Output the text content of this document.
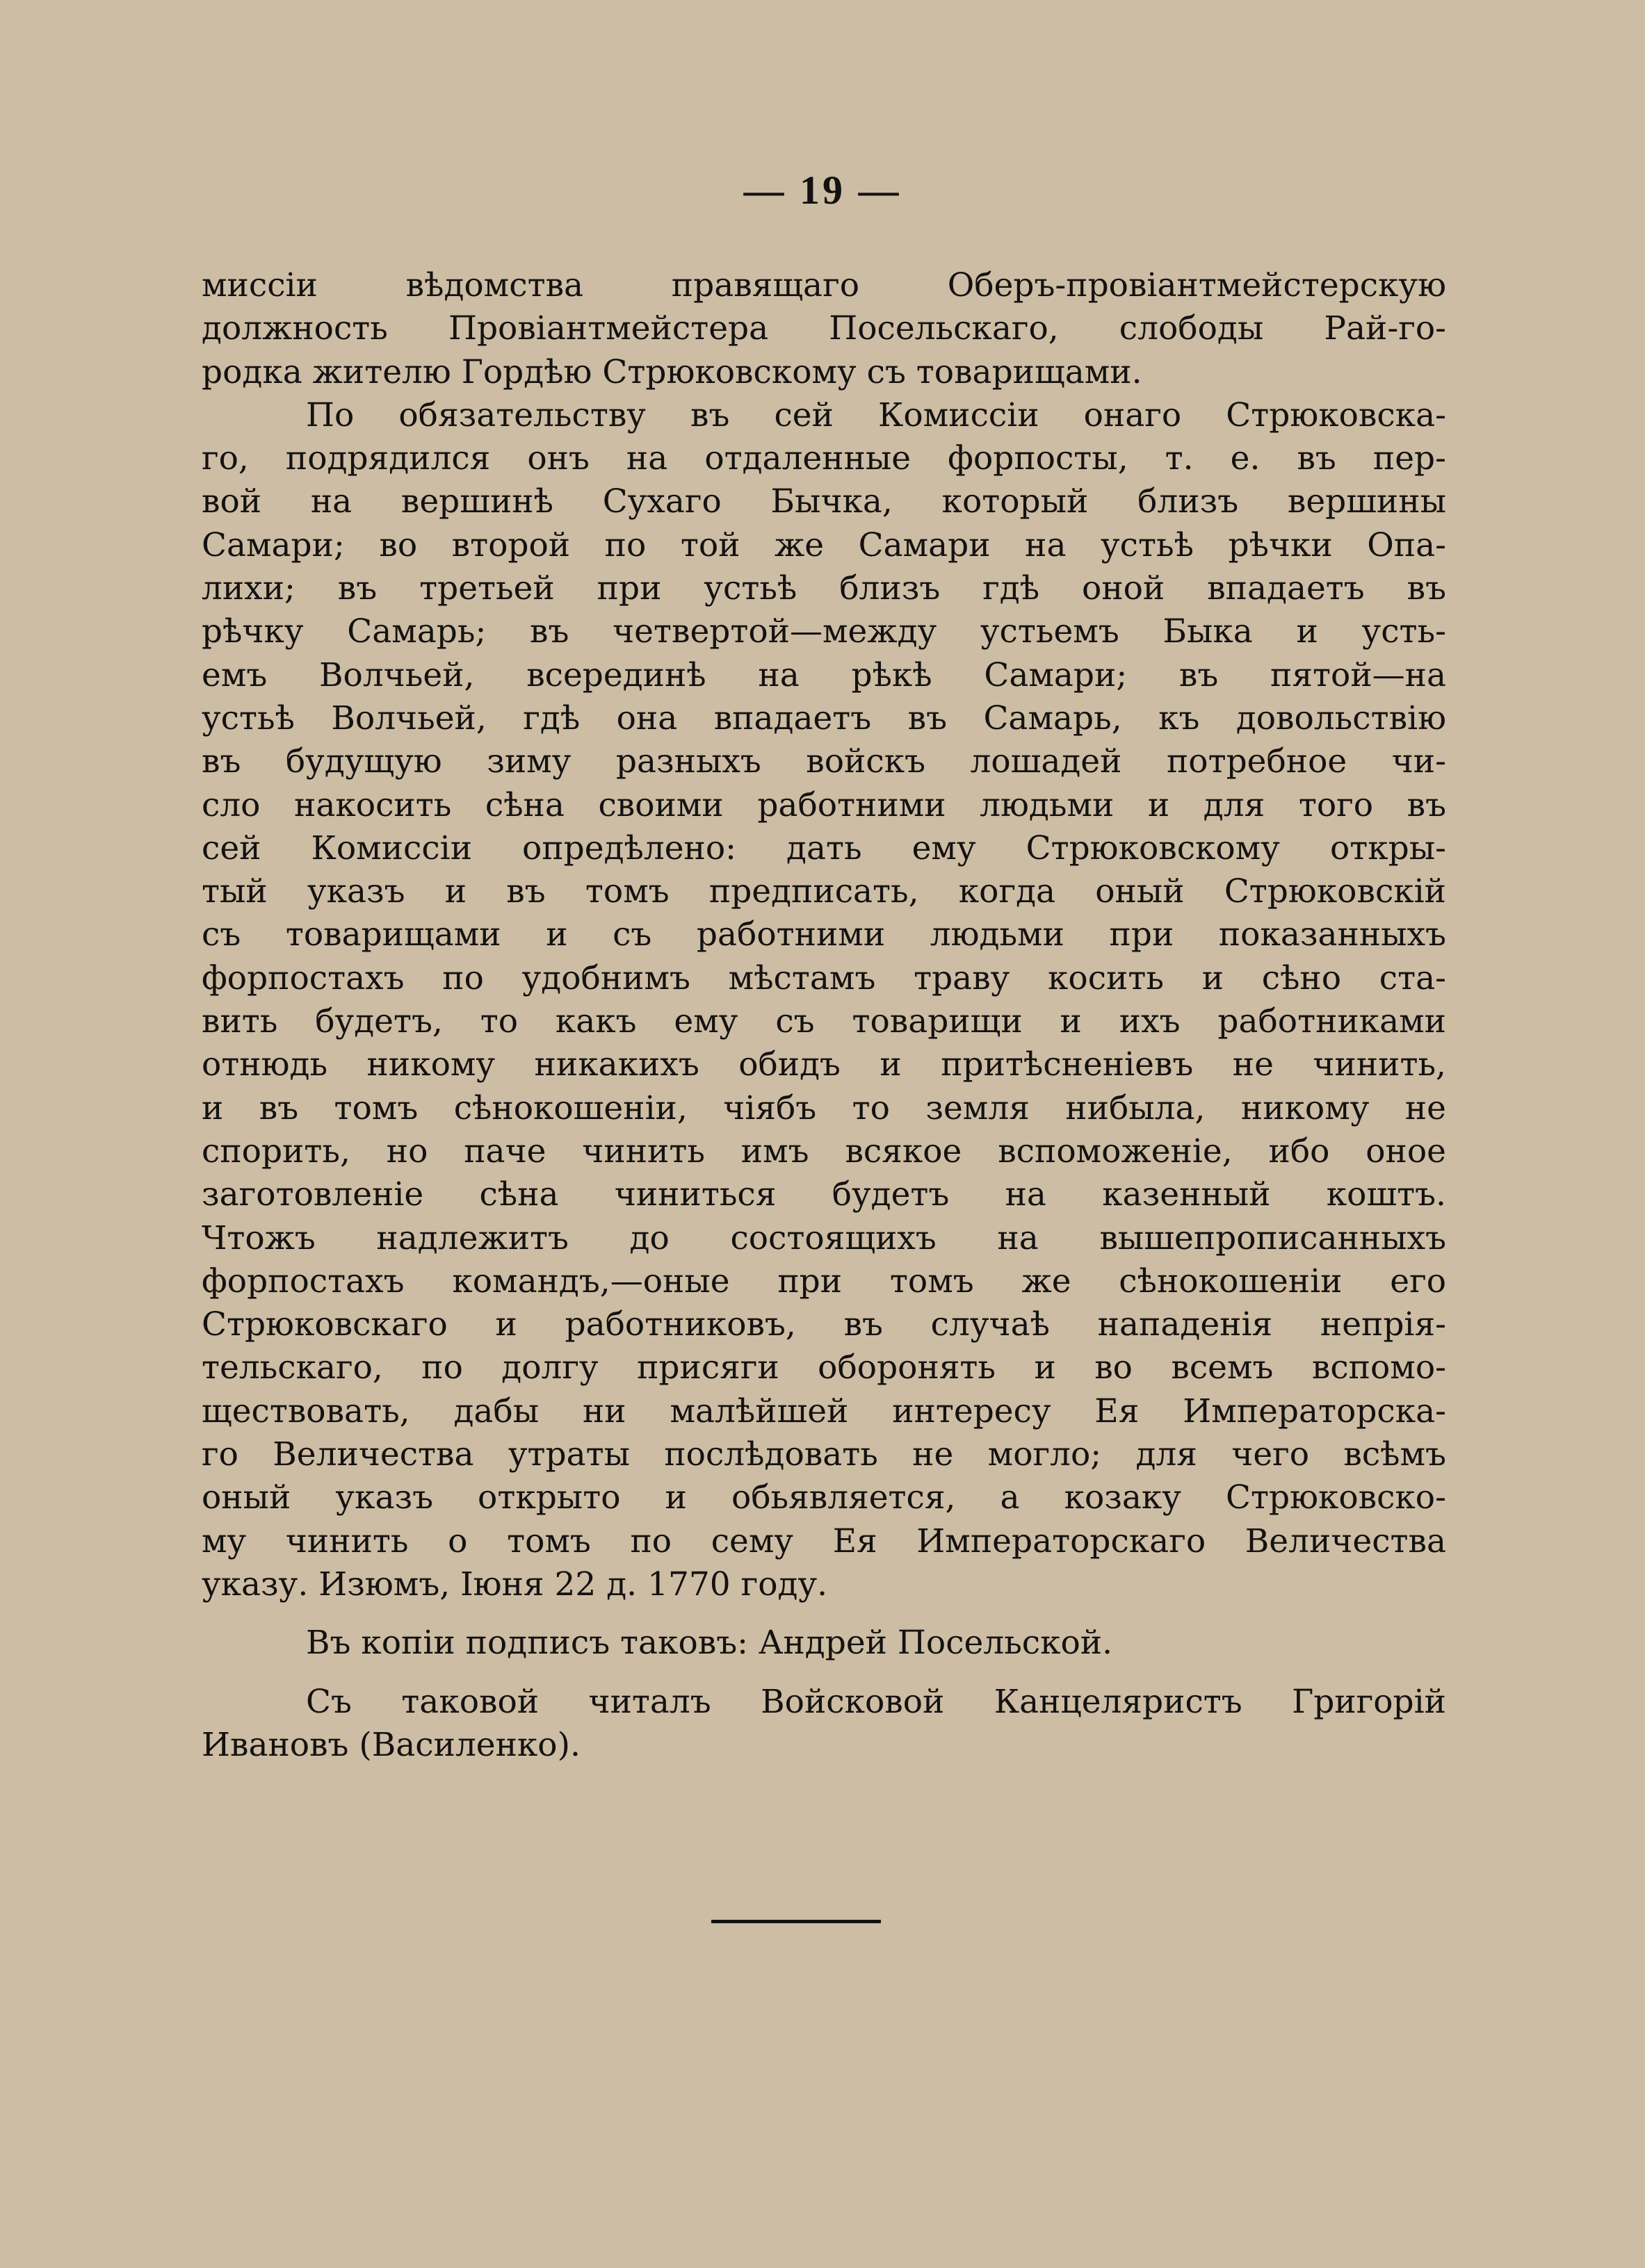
— 19 —
миссіи вѣдомства правящаго Оберъ-провіантмейстерскую
должность Провіантмейстера Посельскаго, слободы Рай-го-
родка жителю Гордѣю Стрюковскому съ товарищами.
По обязательству въ сей Комиссіи онаго Стрюковска-
го, подрядился онъ на отдаленные форпосты, т. е. въ пер-
вой на вершинѣ Сухаго Бычка, который близъ вершины
Самари; во второй по той же Самари на устьѣ рѣчки Опа-
лихи; въ третьей при устьѣ близъ гдѣ оной впадаетъ въ
рѣчку Самарь; въ четвертой—между устьемъ Быка и усть-
емъ Волчьей, всерединѣ на рѣкѣ Самари; въ пятой—на
устьѣ Волчьей, гдѣ она впадаетъ въ Самарь, къ довольствію
въ будущую зиму разныхъ войскъ лошадей потребное чи-
сло накосить сѣна своими работними людьми и для того въ
сей Комиссіи опредѣлено: дать ему Стрюковскому откры-
тый указъ и въ томъ предписать, когда оный Стрюковскій
съ товарищами и съ работними людьми при показанныхъ
форпостахъ по удобнимъ мѣстамъ траву косить и сѣно ста-
вить будетъ, то какъ ему съ товарищи и ихъ работниками
отнюдь никому никакихъ обидъ и притѣсненіевъ не чинить,
и въ томъ сѣнокошеніи, чіябъ то земля нибыла, никому не
спорить, но паче чинить имъ всякое вспоможеніе, ибо оное
заготовленіе сѣна чиниться будетъ на казенный коштъ.
Чтожъ надлежитъ до состоящихъ на вышепрописанныхъ
форпостахъ командъ,—оные при томъ же сѣнокошеніи его
Стрюковскаго и работниковъ, въ случаѣ нападенія непрія-
тельскаго, по долгу присяги оборонять и во всемъ вспомо-
ществовать, дабы ни малѣйшей интересу Ея Императорска-
го Величества утраты послѣдовать не могло; для чего всѣмъ
оный указъ открыто и обьявляется, а козаку Стрюковско-
му чинить о томъ по сему Ея Императорскаго Величества
указу. Изюмъ, Іюня 22 д. 1770 году.
Въ копіи подписъ таковъ: Андрей Посельской.
Съ таковой читалъ Войсковой Канцеляристъ Григорій
Ивановъ (Василенко).
